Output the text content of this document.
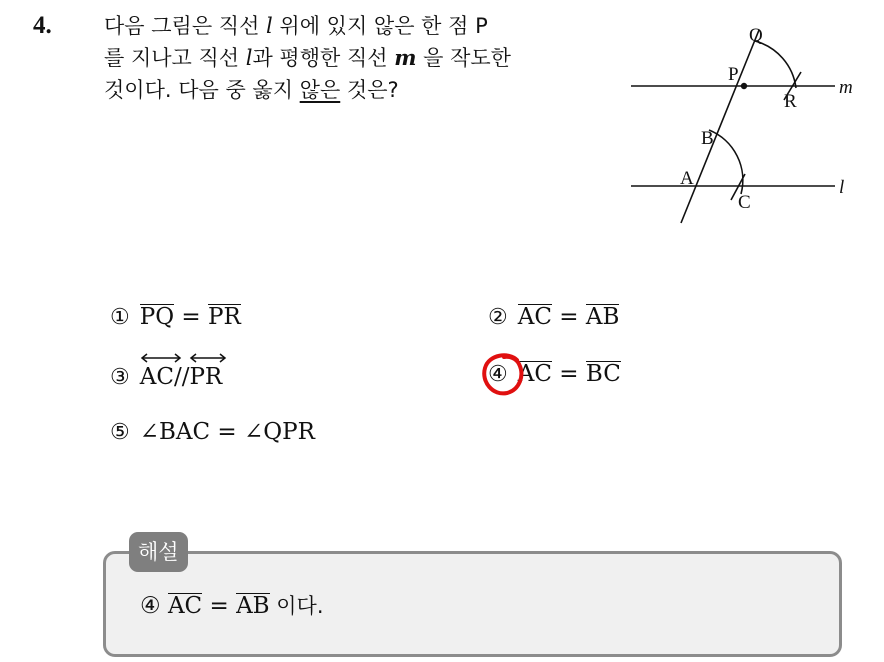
4. 다음 그림은 직선 l 위에 있지 않은 한 점 P
를 지나고 직선 l과 평행한 직선 m 을 작도한
것이다. 다음 중 옳지 않은 것은?
Q
P
R
m
B
A
C
l
① PQ = PR	② AC = AB
③ AC//
PR	④ AC = BC
⑤ ∠BAC = ∠QPR
해설
④ AC = AB 이다.
